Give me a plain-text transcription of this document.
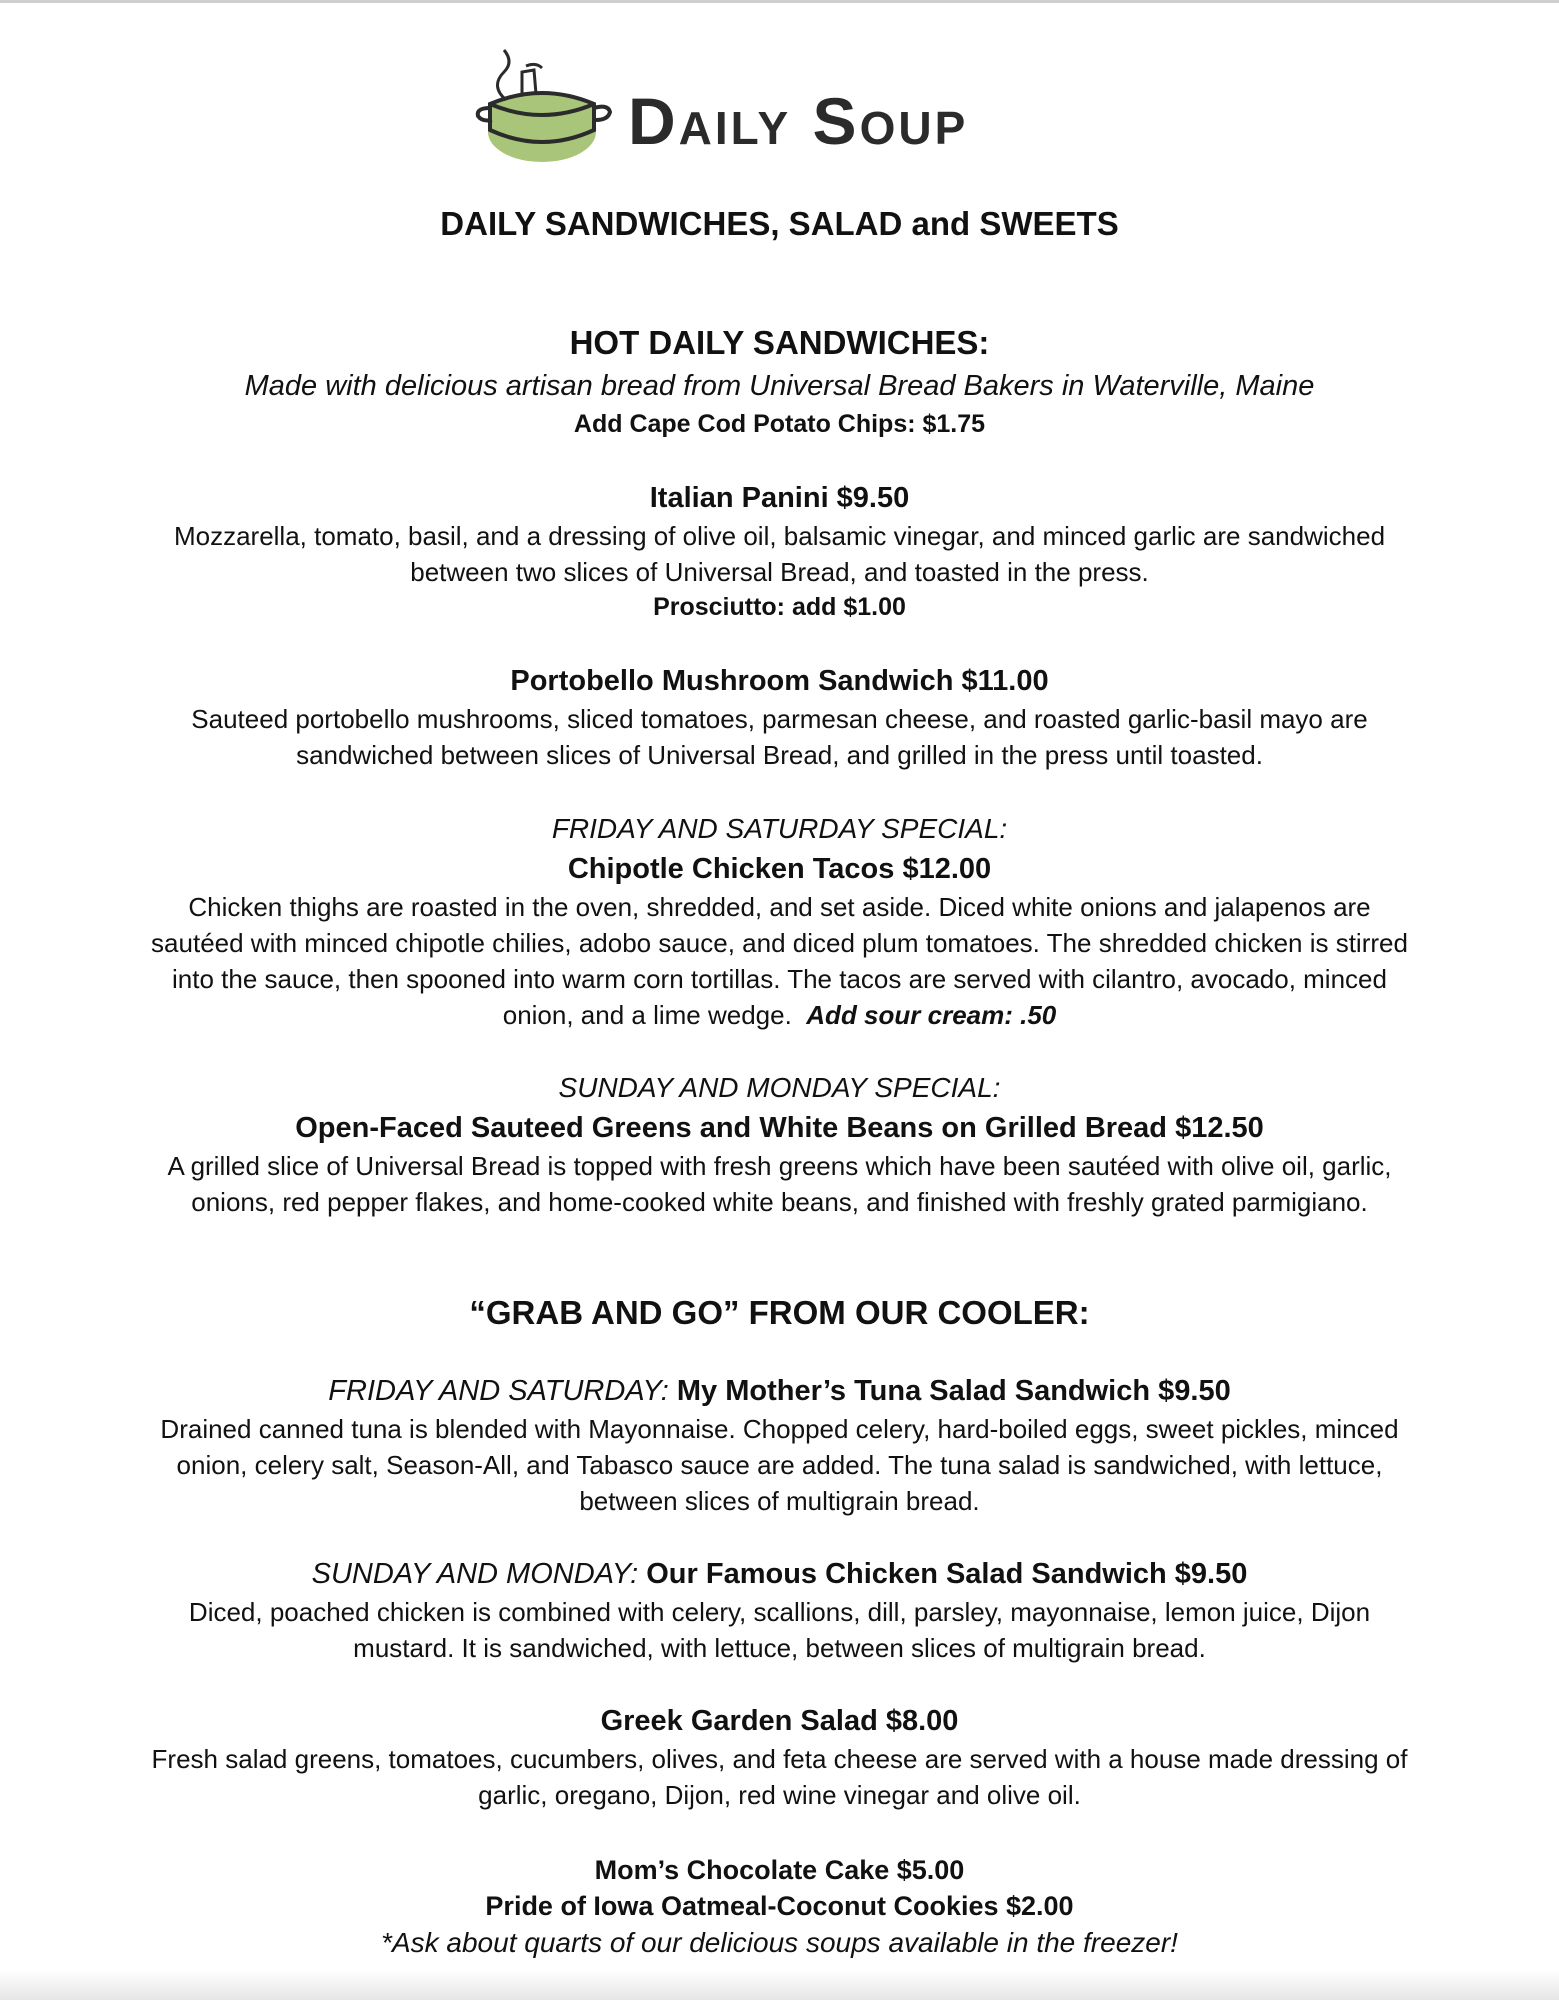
Daily Soup
DAILY SANDWICHES, SALAD and SWEETS
HOT DAILY SANDWICHES:
Made with delicious artisan bread from Universal Bread Bakers in Waterville, Maine
Add Cape Cod Potato Chips: $1.75
Italian Panini $9.50
Mozzarella, tomato, basil, and a dressing of olive oil, balsamic vinegar, and minced garlic are sandwiched
between two slices of Universal Bread, and toasted in the press.
Prosciutto: add $1.00
Portobello Mushroom Sandwich $11.00
Sauteed portobello mushrooms, sliced tomatoes, parmesan cheese, and roasted garlic-basil mayo are
sandwiched between slices of Universal Bread, and grilled in the press until toasted.
FRIDAY AND SATURDAY SPECIAL:
Chipotle Chicken Tacos $12.00
Chicken thighs are roasted in the oven, shredded, and set aside. Diced white onions and jalapenos are
sautéed with minced chipotle chilies, adobo sauce, and diced plum tomatoes. The shredded chicken is stirred
into the sauce, then spooned into warm corn tortillas. The tacos are served with cilantro, avocado, minced
onion, and a lime wedge. Add sour cream: .50
SUNDAY AND MONDAY SPECIAL:
Open-Faced Sauteed Greens and White Beans on Grilled Bread $12.50
A grilled slice of Universal Bread is topped with fresh greens which have been sautéed with olive oil, garlic,
onions, red pepper flakes, and home-cooked white beans, and finished with freshly grated parmigiano.
“GRAB AND GO” FROM OUR COOLER:
FRIDAY AND SATURDAY: My Mother’s Tuna Salad Sandwich $9.50
Drained canned tuna is blended with Mayonnaise. Chopped celery, hard-boiled eggs, sweet pickles, minced
onion, celery salt, Season-All, and Tabasco sauce are added. The tuna salad is sandwiched, with lettuce,
between slices of multigrain bread.
SUNDAY AND MONDAY: Our Famous Chicken Salad Sandwich $9.50
Diced, poached chicken is combined with celery, scallions, dill, parsley, mayonnaise, lemon juice, Dijon
mustard. It is sandwiched, with lettuce, between slices of multigrain bread.
Greek Garden Salad $8.00
Fresh salad greens, tomatoes, cucumbers, olives, and feta cheese are served with a house made dressing of
garlic, oregano, Dijon, red wine vinegar and olive oil.
Mom’s Chocolate Cake $5.00
Pride of Iowa Oatmeal-Coconut Cookies $2.00
*Ask about quarts of our delicious soups available in the freezer!
